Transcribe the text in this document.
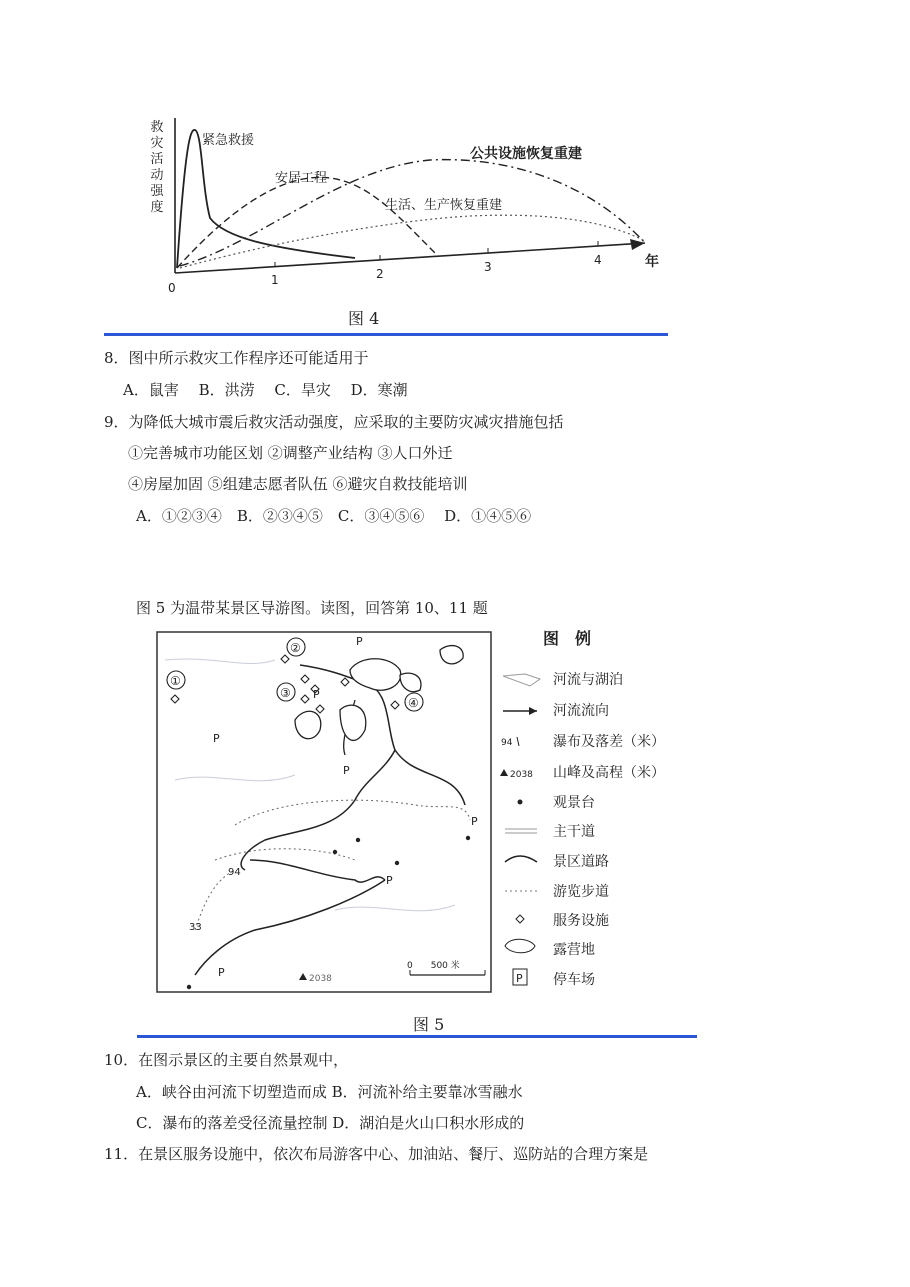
紧急救援
安居工程
公共设施恢复重建
生活、生产恢复重建
0
1	2	3	4	年
救灾活动强度
图 4
8．图中所示救灾工作程序还可能适用于
A．鼠害　 B．洪涝　 C．旱灾　 D．寒潮
9．为降低大城市震后救灾活动强度，应采取的主要防灾减灾措施包括
①完善城市功能区划 ②调整产业结构 ③人口外迁
④房屋加固 ⑤组建志愿者队伍 ⑥避灾自救技能培训
A．①②③④　B．②③④⑤　C．③④⑤⑥　 D．①④⑤⑥
图 5 为温带某景区导游图。读图，回答第 10、11 题
①
②
③
④
P
P
P
P
P
P
P
94
33
2038
0　　500 米
图　例
94
2038
P
河流与湖泊
河流流向
瀑布及落差（米）
山峰及高程（米）
观景台
主干道
景区道路
游览步道
服务设施
露营地
停车场
图 5
10．在图示景区的主要自然景观中，
A．峡谷由河流下切塑造而成 B．河流补给主要靠冰雪融水
C．瀑布的落差受径流量控制 D．湖泊是火山口积水形成的
11．在景区服务设施中，依次布局游客中心、加油站、餐厅、巡防站的合理方案是
